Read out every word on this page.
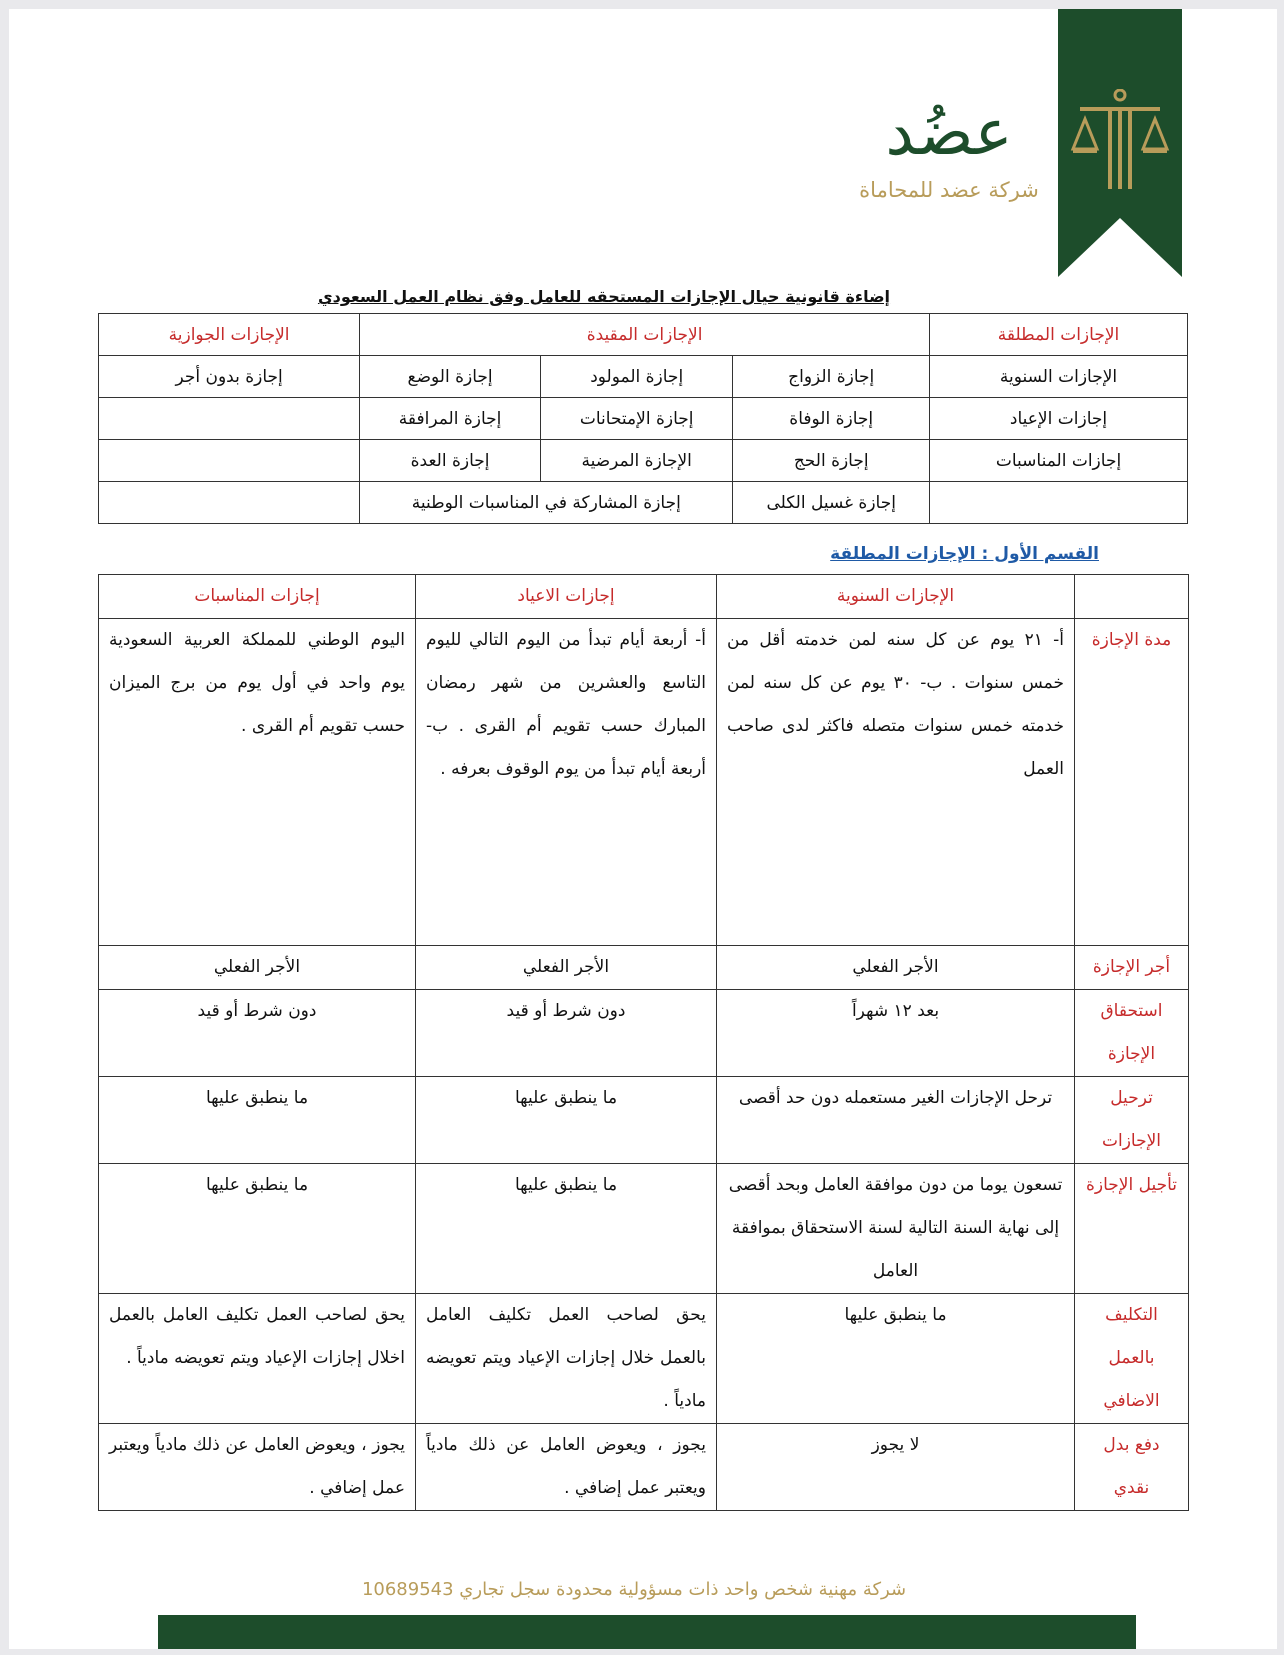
عضُد
شركة عضد للمحاماة
إضاءة قانونية حيال الإجازات المستحقه للعامل وفق نظام العمل السعودي
الإجازات المطلقة	الإجازات المقيدة			الإجازات الجوازية
الإجازات السنوية	إجازة الزواج	إجازة المولود	إجازة الوضع	إجازة بدون أجر
إجازات الإعياد	إجازة الوفاة	إجازة الإمتحانات	إجازة المرافقة	
إجازات المناسبات	إجازة الحج	الإجازة المرضية	إجازة العدة	
	إجازة غسيل الكلى	إجازة المشاركة في المناسبات الوطنية		
القسم الأول : الإجازات المطلقة
	الإجازات السنوية	إجازات الاعياد	إجازات المناسبات
مدة الإجازة	أ- ٢١ يوم عن كل سنه لمن خدمته أقل من خمس سنوات . ب- ٣٠ يوم عن كل سنه لمن خدمته خمس سنوات متصله فاكثر لدى صاحب العمل	أ- أربعة أيام تبدأ من اليوم التالي لليوم التاسع والعشرين من شهر رمضان المبارك حسب تقويم أم القرى . ب- أربعة أيام تبدأ من يوم الوقوف بعرفه .	اليوم الوطني للمملكة العربية السعودية يوم واحد في أول يوم من برج الميزان حسب تقويم أم القرى .
أجر الإجازة	الأجر الفعلي	الأجر الفعلي	الأجر الفعلي
استحقاق الإجازة	بعد ١٢ شهراً	دون شرط أو قيد	دون شرط أو قيد
ترحيل الإجازات	ترحل الإجازات الغير مستعمله دون حد أقصى	ما ينطبق عليها	ما ينطبق عليها
تأجيل الإجازة	تسعون يوما من دون موافقة العامل وبحد أقصى إلى نهاية السنة التالية لسنة الاستحقاق بموافقة العامل	ما ينطبق عليها	ما ينطبق عليها
التكليف بالعمل الاضافي	ما ينطبق عليها	يحق لصاحب العمل تكليف العامل بالعمل خلال إجازات الإعياد ويتم تعويضه مادياً .	يحق لصاحب العمل تكليف العامل بالعمل اخلال إجازات الإعياد ويتم تعويضه مادياً .
دفع بدل نقدي	لا يجوز	يجوز ، ويعوض العامل عن ذلك مادياً ويعتبر عمل إضافي .	يجوز ، ويعوض العامل عن ذلك مادياً ويعتبر عمل إضافي .
شركة مهنية شخص واحد ذات مسؤولية محدودة سجل تجاري 10689543
